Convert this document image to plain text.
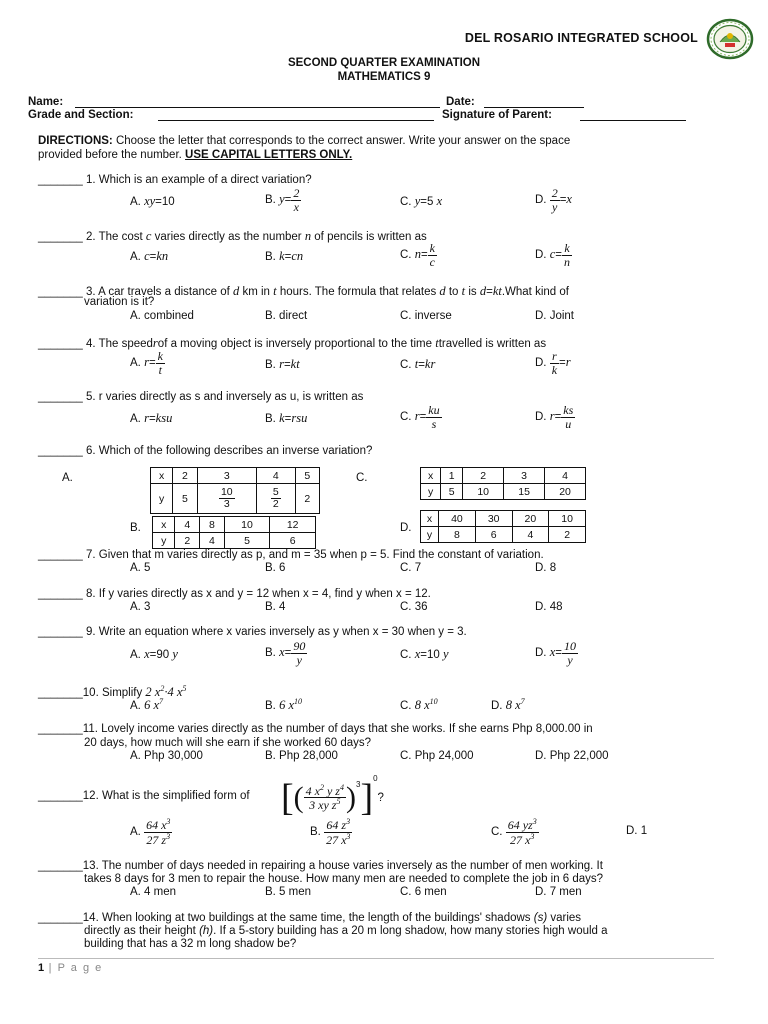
DEL ROSARIO INTEGRATED SCHOOL
SECOND QUARTER EXAMINATION
MATHEMATICS 9
Name:	Date:
Grade and Section:	Signature of Parent:
DIRECTIONS: Choose the letter that corresponds to the correct answer. Write your answer on the space
provided before the number. USE CAPITAL LETTERS ONLY.
_______ 1. Which is an example of a direct variation?
A. xy=10	B. $y= \frac{2}{x}$	C. y=5 x	D. $\frac{2}{y} =x$
_______ 2. The cost c varies directly as the number n of pencils is written as
A. c=kn	B. k=cn	C. $n= \frac{k}{c}$	D. $c= \frac{k}{n}$
_______ 3. A car travels a distance of d km in t hours. The formula that relates d to t is d=kt.What kind of
variation is it?
A. combined	B. direct	C. inverse	D. Joint
_______ 4. The speedrof a moving object is inversely proportional to the time ttravelled is written as
A. $r= \frac{k}{t}$	B. r=kt	C. t=kr	D. $\frac{r}{k} =r$
_______ 5. r varies directly as s and inversely as u, is written as
A. r=ksu	B. k=rsu	C. $r= \frac{ku}{s}$	D. $r= \frac{ks}{u}$
_______ 6. Which of the following describes an inverse variation?
A.	x	2	3	4	5
y	5	$\frac{10}{3}$	$\frac{5}{2}$	2
C.	x	1	2	3	4
y	5	10	15	20
B. x	4	8	10	12
y	2	4	5	6
D.
x	40	30	20	10
y	8	6	4	2
_______ 7. Given that m varies directly as p, and m = 35 when p = 5. Find the constant of variation.
A. 5	B. 6	C. 7	D. 8
_______ 8. If y varies directly as x and y = 12 when x = 4, find y when x = 12.
A. 3	B. 4	C. 36	D. 48
_______ 9. Write an equation where x varies inversely as y when x = 30 when y = 3.
A. x=90 y	B. $x= \frac{90}{y}$	C. x=10 y	D. $x= \frac{10}{y}$
_______10. Simplify 2 $x^2\cdot 4$ $x^5$
A. 6 $x^7$	B. 6 $x^{10}$	C. 8 $x^{10}$	D. 8 $x^7$
_______11. Lovely income varies directly as the number of days that she works. If she earns Php 8,000.00 in
20 days, how much will she earn if she worked 60 days?
A. Php 30,000	B. Php 28,000	C. Php 24,000	D. Php 22,000
_______12. What is the simplified form of [( $\frac{4 x^2 y z^4}{3 xy z^5} )^3]^0$?
A. $\frac{64 x^3}{27 z^3}$	B. $\frac{64 z^3}{27 x^3}$	C. $\frac{64 yz^3}{27 x^3}$	D. 1
_______13. The number of days needed in repairing a house varies inversely as the number of men working. It
takes 8 days for 3 men to repair the house. How many men are needed to complete the job in 6 days?
A. 4 men	B. 5 men	C. 6 men	D. 7 men
_______14. When looking at two buildings at the same time, the length of the buildings' shadows (s) varies
directly as their height (h). If a 5-story building has a 20 m long shadow, how many stories high would a
building that has a 32 m long shadow be?
1 | P a g e
